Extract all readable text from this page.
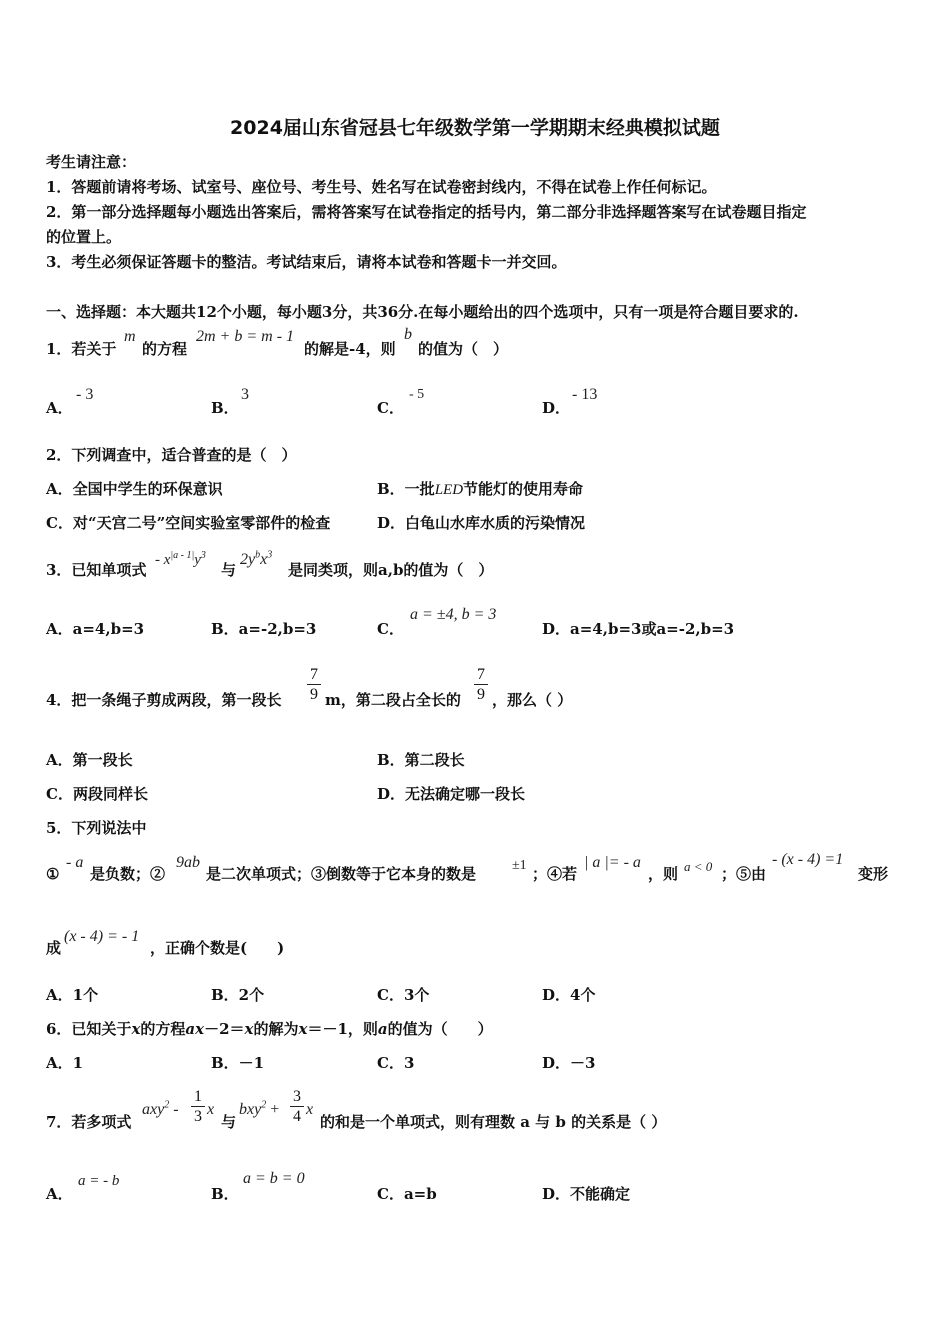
2024届山东省冠县七年级数学第一学期期末经典模拟试题
考生请注意：
1．答题前请将考场、试室号、座位号、考生号、姓名写在试卷密封线内，不得在试卷上作任何标记。
2．第一部分选择题每小题选出答案后，需将答案写在试卷指定的括号内，第二部分非选择题答案写在试卷题目指定
的位置上。
3．考生必须保证答题卡的整洁。考试结束后，请将本试卷和答题卡一并交回。
一、选择题：本大题共12个小题，每小题3分，共36分.在每小题给出的四个选项中，只有一项是符合题目要求的.
1．若关于
m
的方程
2m + b = m - 1
的解是-4，则
b
的值为（　）
A．
- 3
B．
3
C．
- 5
D．
- 13
2．下列调查中，适合普查的是（　）
A．全国中学生的环保意识	B．一批LED节能灯的使用寿命
C．对“天宫二号”空间实验室零部件的检查	D．白龟山水库水质的污染情况
3．已知单项式
- $x^{|a - 1|}y^3$
与
$2y^bx^3$
是同类项，则a,b的值为（　）
A．a=4,b=3	B．a=-2,b=3	C．
a = ±4, b = 3
D．a=4,b=3或a=-2,b=3
4．把一条绳子剪成两段，第一段长
7
9 m，第二段占全长的
7
9 ，那么（ ）
A．第一段长	B．第二段长
C．两段同样长	D．无法确定哪一段长
5．下列说法中
①
- a
是负数；②
9ab
是二次单项式；③倒数等于它本身的数是	±1 ；④若
| a |= - a
，则 a < 0 ；⑤由
- (x - 4) =1
变形
成
(x - 4) = - 1
，正确个数是(　　)
A．1个	B．2个	C．3个	D．4个
6．已知关于x的方程ax－2＝x的解为x＝－1，则a的值为（　　）
A．1	B．－1	C．3	D．－3
7．若多项式
axy$^2$ -
1
3 x
与
bxy$^2$ +
3
4 x
的和是一个单项式，则有理数 a 与 b 的关系是（ ）
A．
a = - b
B．
a = b = 0
C．a=b	D．不能确定
